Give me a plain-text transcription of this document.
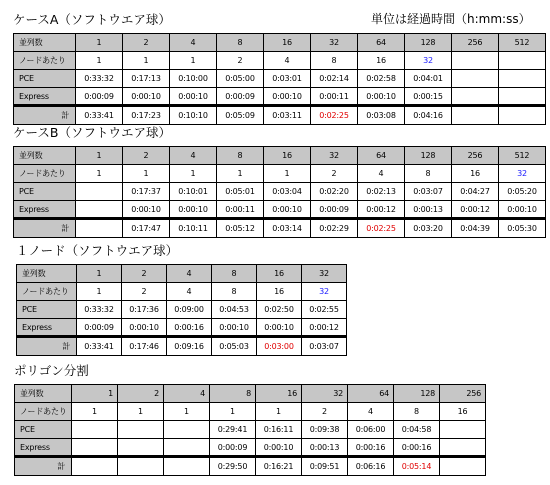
単位は経過時間（h:mm:ss）
ケースA（ソフトウエア球）
並列数	1	2	4	8	16	32	64	128	256	512
ノードあたり	1	1	1	2	4	8	16	32		
PCE	0:33:32	0:17:13	0:10:00	0:05:00	0:03:01	0:02:14	0:02:58	0:04:01		
Express	0:00:09	0:00:10	0:00:10	0:00:09	0:00:10	0:00:11	0:00:10	0:00:15		
計	0:33:41	0:17:23	0:10:10	0:05:09	0:03:11	0:02:25	0:03:08	0:04:16		
ケースB（ソフトウエア球）
並列数	1	2	4	8	16	32	64	128	256	512
ノードあたり	1	1	1	1	1	2	4	8	16	32
PCE		0:17:37	0:10:01	0:05:01	0:03:04	0:02:20	0:02:13	0:03:07	0:04:27	0:05:20
Express		0:00:10	0:00:10	0:00:11	0:00:10	0:00:09	0:00:12	0:00:13	0:00:12	0:00:10
計		0:17:47	0:10:11	0:05:12	0:03:14	0:02:29	0:02:25	0:03:20	0:04:39	0:05:30
１ノード（ソフトウエア球）
並列数	1	2	4	8	16	32
ノードあたり	1	2	4	8	16	32
PCE	0:33:32	0:17:36	0:09:00	0:04:53	0:02:50	0:02:55
Express	0:00:09	0:00:10	0:00:16	0:00:10	0:00:10	0:00:12
計	0:33:41	0:17:46	0:09:16	0:05:03	0:03:00	0:03:07
ポリゴン分割
並列数	1	2	4	8	16	32	64	128	256
ノードあたり	1	1	1	1	1	2	4	8	16
PCE				0:29:41	0:16:11	0:09:38	0:06:00	0:04:58	
Express				0:00:09	0:00:10	0:00:13	0:00:16	0:00:16	
計				0:29:50	0:16:21	0:09:51	0:06:16	0:05:14	
